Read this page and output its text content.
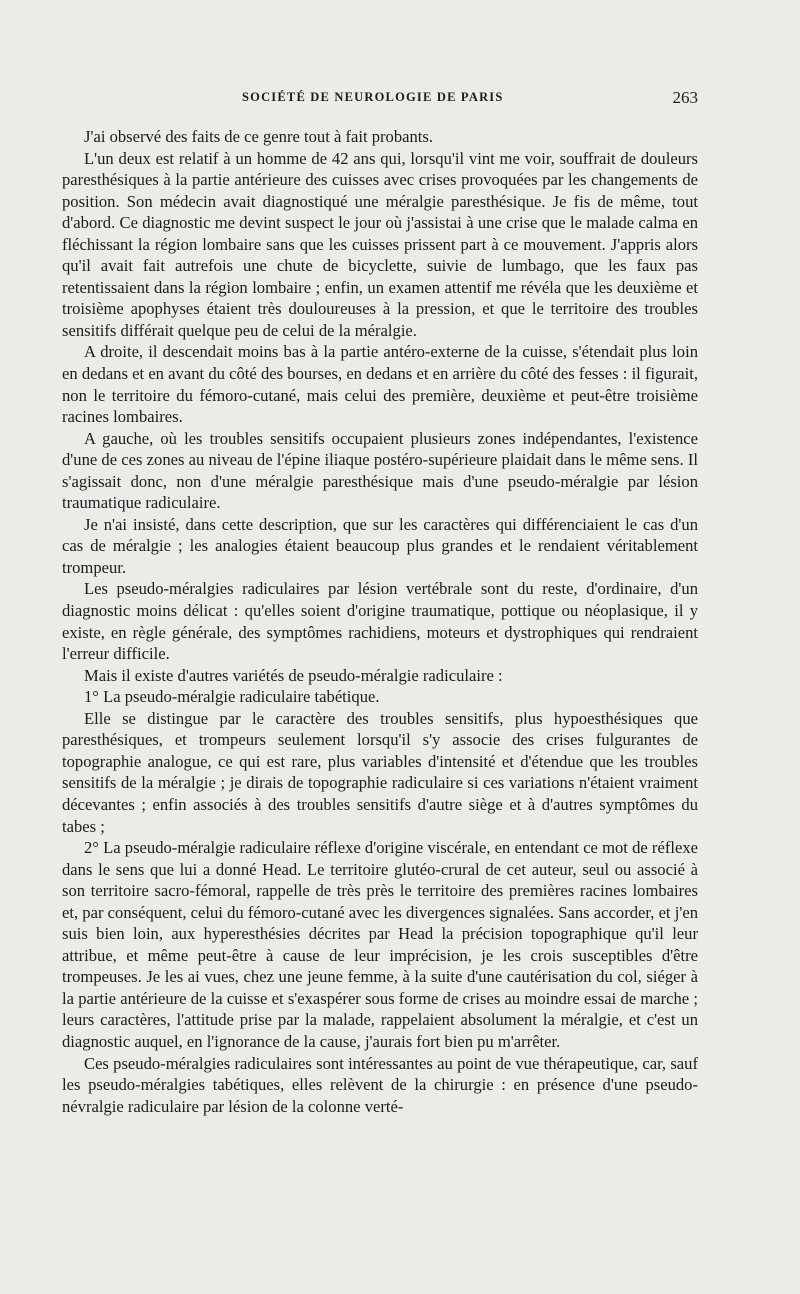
SOCIÉTÉ DE NEUROLOGIE DE PARIS	263

J'ai observé des faits de ce genre tout à fait probants.

L'un deux est relatif à un homme de 42 ans qui, lorsqu'il vint me voir, souffrait de douleurs paresthésiques à la partie antérieure des cuisses avec crises provoquées par les changements de position. Son médecin avait diagnostiqué une méralgie paresthésique. Je fis de même, tout d'abord. Ce diagnostic me devint suspect le jour où j'assistai à une crise que le malade calma en fléchissant la région lombaire sans que les cuisses prissent part à ce mouvement. J'appris alors qu'il avait fait autrefois une chute de bicyclette, suivie de lumbago, que les faux pas retentissaient dans la région lombaire ; enfin, un examen attentif me révéla que les deuxième et troisième apophyses étaient très douloureuses à la pression, et que le territoire des troubles sensitifs différait quelque peu de celui de la méralgie.

A droite, il descendait moins bas à la partie antéro-externe de la cuisse, s'étendait plus loin en dedans et en avant du côté des bourses, en dedans et en arrière du côté des fesses : il figurait, non le territoire du fémoro-cutané, mais celui des première, deuxième et peut-être troisième racines lombaires.

A gauche, où les troubles sensitifs occupaient plusieurs zones indépendantes, l'existence d'une de ces zones au niveau de l'épine iliaque postéro-supérieure plaidait dans le même sens. Il s'agissait donc, non d'une méralgie paresthésique mais d'une pseudo-méralgie par lésion traumatique radiculaire.

Je n'ai insisté, dans cette description, que sur les caractères qui différenciaient le cas d'un cas de méralgie ; les analogies étaient beaucoup plus grandes et le rendaient véritablement trompeur.

Les pseudo-méralgies radiculaires par lésion vertébrale sont du reste, d'ordinaire, d'un diagnostic moins délicat : qu'elles soient d'origine traumatique, pottique ou néoplasique, il y existe, en règle générale, des symptômes rachidiens, moteurs et dystrophiques qui rendraient l'erreur difficile.

Mais il existe d'autres variétés de pseudo-méralgie radiculaire :

1° La pseudo-méralgie radiculaire tabétique.

Elle se distingue par le caractère des troubles sensitifs, plus hypoesthésiques que paresthésiques, et trompeurs seulement lorsqu'il s'y associe des crises fulgurantes de topographie analogue, ce qui est rare, plus variables d'intensité et d'étendue que les troubles sensitifs de la méralgie ; je dirais de topographie radiculaire si ces variations n'étaient vraiment décevantes ; enfin associés à des troubles sensitifs d'autre siège et à d'autres symptômes du tabes ;

2° La pseudo-méralgie radiculaire réflexe d'origine viscérale, en entendant ce mot de réflexe dans le sens que lui a donné Head. Le territoire glutéo-crural de cet auteur, seul ou associé à son territoire sacro-fémoral, rappelle de très près le territoire des premières racines lombaires et, par conséquent, celui du fémoro-cutané avec les divergences signalées. Sans accorder, et j'en suis bien loin, aux hyperesthésies décrites par Head la précision topographique qu'il leur attribue, et même peut-être à cause de leur imprécision, je les crois susceptibles d'être trompeuses. Je les ai vues, chez une jeune femme, à la suite d'une cautérisation du col, siéger à la partie antérieure de la cuisse et s'exaspérer sous forme de crises au moindre essai de marche ; leurs caractères, l'attitude prise par la malade, rappelaient absolument la méralgie, et c'est un diagnostic auquel, en l'ignorance de la cause, j'aurais fort bien pu m'arrêter.

Ces pseudo-méralgies radiculaires sont intéressantes au point de vue thérapeutique, car, sauf les pseudo-méralgies tabétiques, elles relèvent de la chirurgie : en présence d'une pseudo-névralgie radiculaire par lésion de la colonne verté-
